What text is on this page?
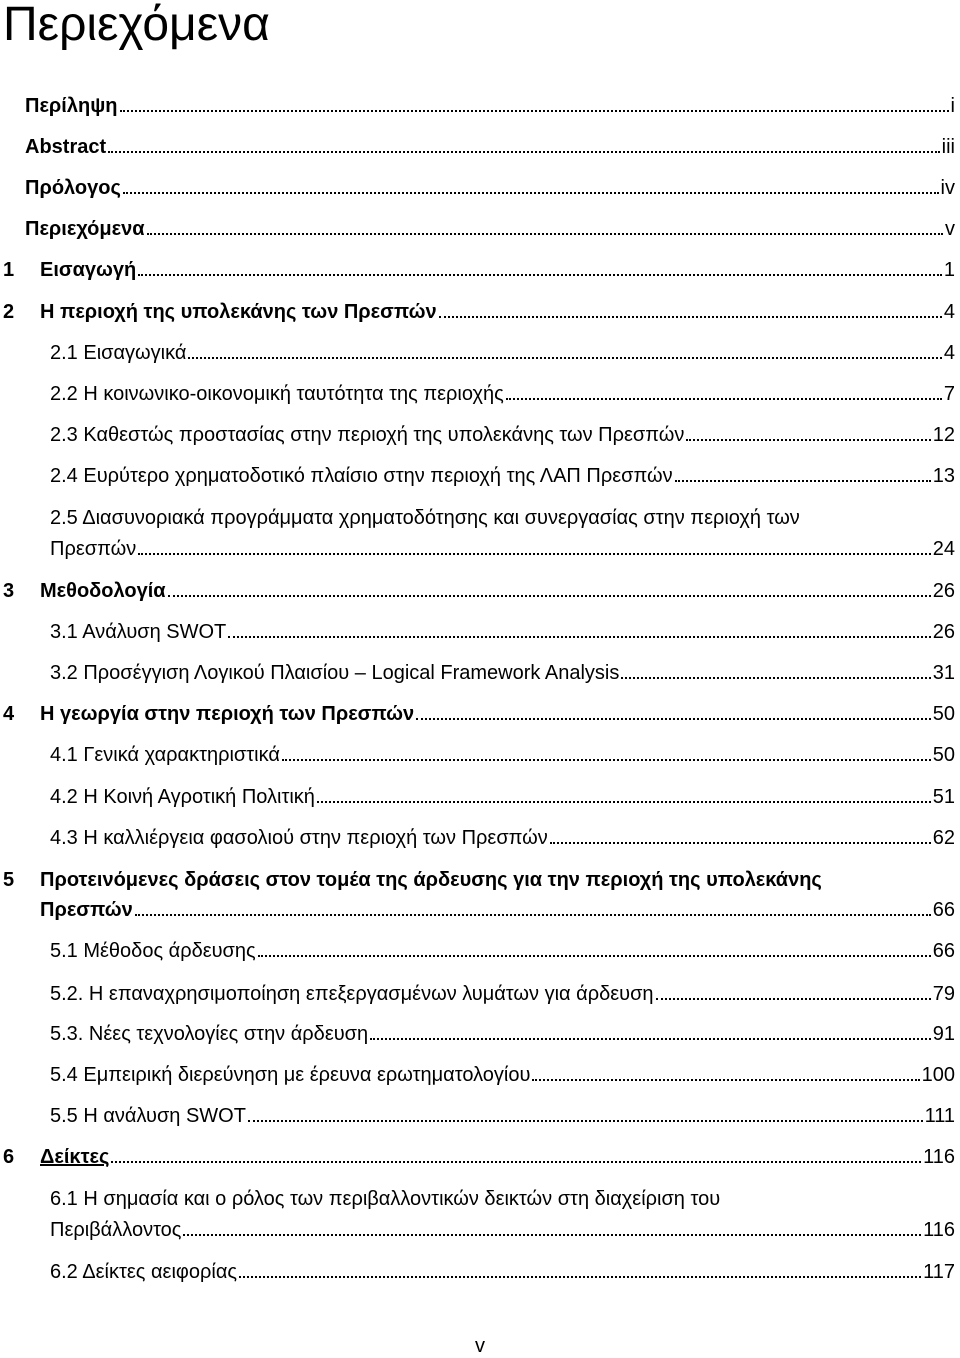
Περιεχόμενα
Περίληψη	i
Abstract	iii
Πρόλογος	iv
Περιεχόμενα	v
1	Εισαγωγή	1
2	Η περιοχή της υπολεκάνης των Πρεσπών	4
2.1 Εισαγωγικά	4
2.2 Η κοινωνικο-οικονομική ταυτότητα της περιοχής	7
2.3 Καθεστώς προστασίας στην περιοχή της υπολεκάνης των Πρεσπών	12
2.4 Ευρύτερο χρηματοδοτικό πλαίσιο στην περιοχή της ΛΑΠ Πρεσπών	13
2.5 Διασυνοριακά προγράμματα χρηματοδότησης και συνεργασίας στην περιοχή των
Πρεσπών	24
3	Μεθοδολογία	26
3.1 Ανάλυση SWOT	26
3.2 Προσέγγιση Λογικού Πλαισίου – Logical Framework Analysis	31
4	Η γεωργία στην περιοχή των Πρεσπών	50
4.1 Γενικά χαρακτηριστικά	50
4.2 Η Κοινή Αγροτική Πολιτική	51
4.3 Η καλλιέργεια φασολιού στην περιοχή των Πρεσπών	62
5 Προτεινόμενες δράσεις στον τομέα της άρδευσης για την περιοχή της υπολεκάνης
Πρεσπών	66
5.1 Μέθοδος άρδευσης	66
5.2. Η επαναχρησιμοποίηση επεξεργασμένων λυμάτων για άρδευση	79
5.3. Νέες τεχνολογίες στην άρδευση	91
5.4 Εμπειρική διερεύνηση με έρευνα ερωτηματολογίου	100
5.5 Η ανάλυση SWOT	111
6	Δείκτες	116
6.1 Η σημασία και ο ρόλος των περιβαλλοντικών δεικτών στη διαχείριση του
Περιβάλλοντος	116
6.2 Δείκτες αειφορίας	117
v
